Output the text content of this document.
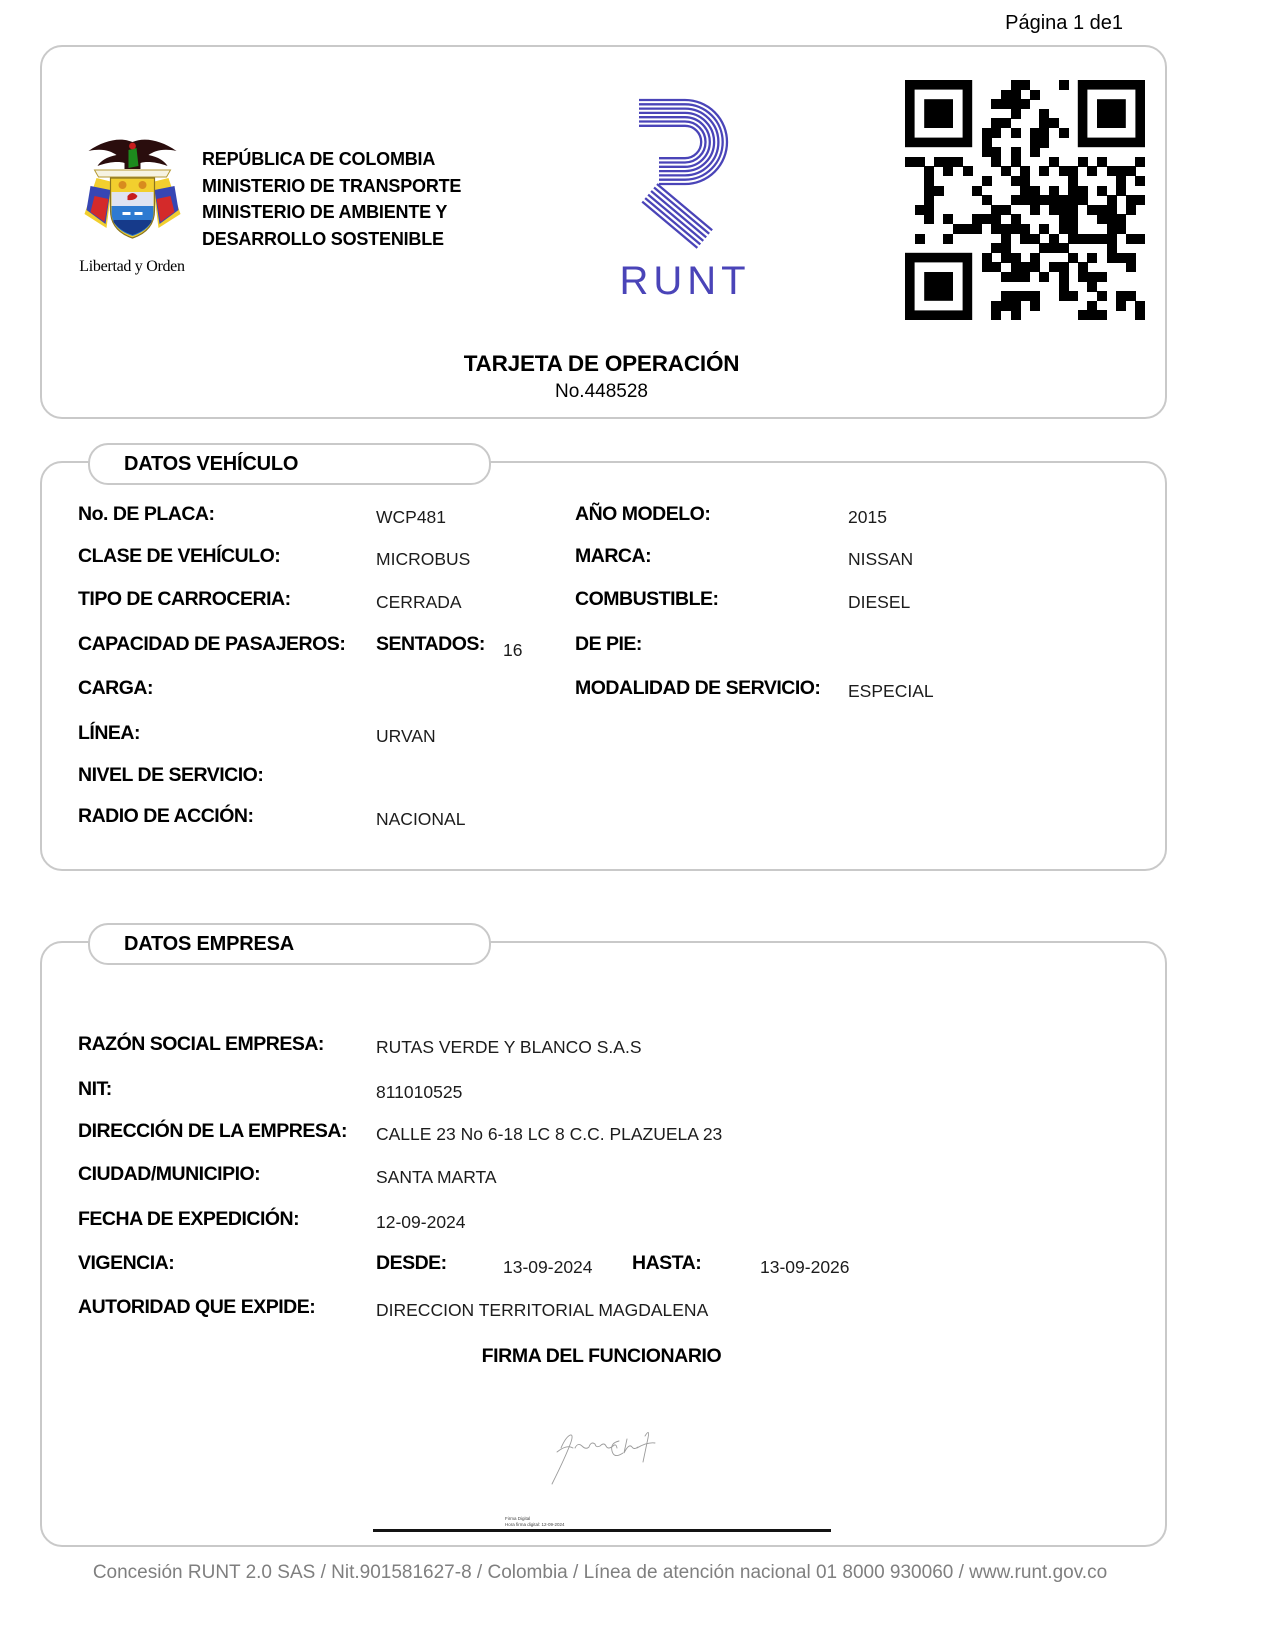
Página 1 de1
Libertad y Orden
REPÚBLICA DE COLOMBIA
MINISTERIO DE TRANSPORTE
MINISTERIO DE AMBIENTE Y
DESARROLLO SOSTENIBLE
RUNT
TARJETA DE OPERACIÓN
No.448528
DATOS VEHÍCULO
No. DE PLACA:	WCP481	AÑO MODELO:	2015
CLASE DE VEHÍCULO:	MICROBUS	MARCA:	NISSAN
TIPO DE CARROCERIA:	CERRADA	COMBUSTIBLE:	DIESEL
CAPACIDAD DE PASAJEROS: SENTADOS: 16	DE PIE:
CARGA:	MODALIDAD DE SERVICIO: ESPECIAL
LÍNEA:	URVAN
NIVEL DE SERVICIO:
RADIO DE ACCIÓN:	NACIONAL
DATOS EMPRESA
RAZÓN SOCIAL EMPRESA:	RUTAS VERDE Y BLANCO S.A.S
NIT:	811010525
DIRECCIÓN DE LA EMPRESA: CALLE 23 No 6-18 LC 8 C.C. PLAZUELA 23
CIUDAD/MUNICIPIO:	SANTA MARTA
FECHA DE EXPEDICIÓN:	12-09-2024
VIGENCIA:	DESDE:	13-09-2024 HASTA:	13-09-2026
AUTORIDAD QUE EXPIDE:	DIRECCION TERRITORIAL MAGDALENA
FIRMA DEL FUNCIONARIO
Firma Digital
Hora firma digital: 12-09-2024
Concesión RUNT 2.0 SAS / Nit.901581627-8 / Colombia / Línea de atención nacional 01 8000 930060 / www.runt.gov.co
